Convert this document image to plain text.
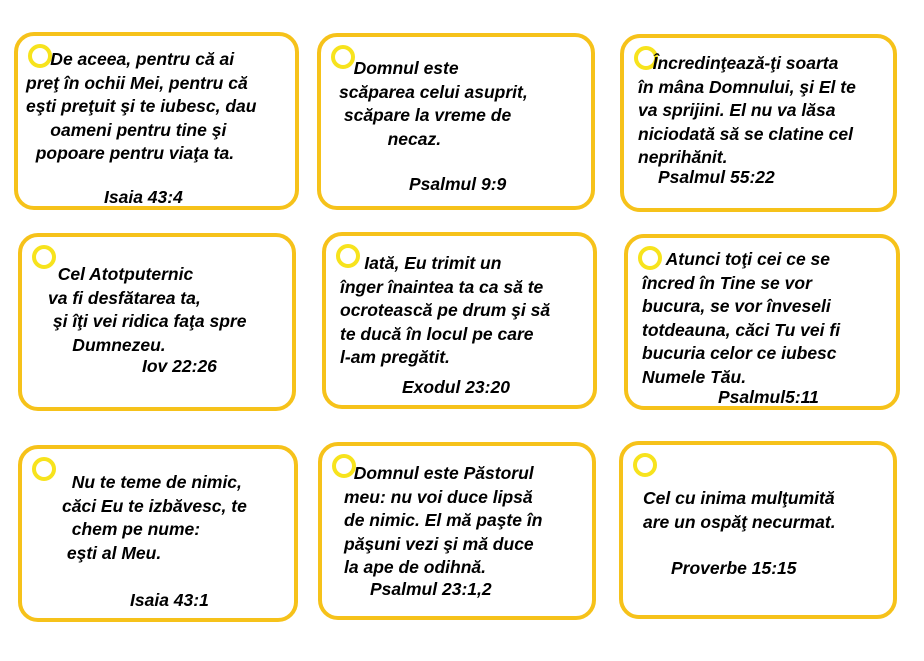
De aceea, pentru că ai
preţ în ochii Mei, pentru că
eşti preţuit şi te iubesc, dau
oameni pentru tine şi
popoare pentru viaţa ta.

Isaia 43:4

Domnul este
scăparea celui asuprit,
scăpare la vreme de
necaz.

Psalmul 9:9

Încredinţează-ţi soarta
în mâna Domnului, şi El te
va sprijini. El nu va lăsa
niciodată să se clatine cel
neprihănit.

Psalmul 55:22

Cel Atotputernic
va fi desfătarea ta,
şi îţi vei ridica faţa spre
Dumnezeu.

Iov 22:26

Iată, Eu trimit un
înger înaintea ta ca să te
ocrotească pe drum şi să
te ducă în locul pe care
l-am pregătit.

Exodul 23:20

Atunci toţi cei ce se
încred în Tine se vor
bucura, se vor înveseli
totdeauna, căci Tu vei fi
bucuria celor ce iubesc
Numele Tău.

Psalmul5:11

Nu te teme de nimic,
căci Eu te izbăvesc, te
chem pe nume:
eşti al Meu.

Isaia 43:1

Domnul este Păstorul
meu: nu voi duce lipsă
de nimic. El mă paşte în
păşuni vezi şi mă duce
la ape de odihnă.

Psalmul 23:1,2

Cel cu inima mulţumită
are un ospăţ necurmat.

Proverbe 15:15
